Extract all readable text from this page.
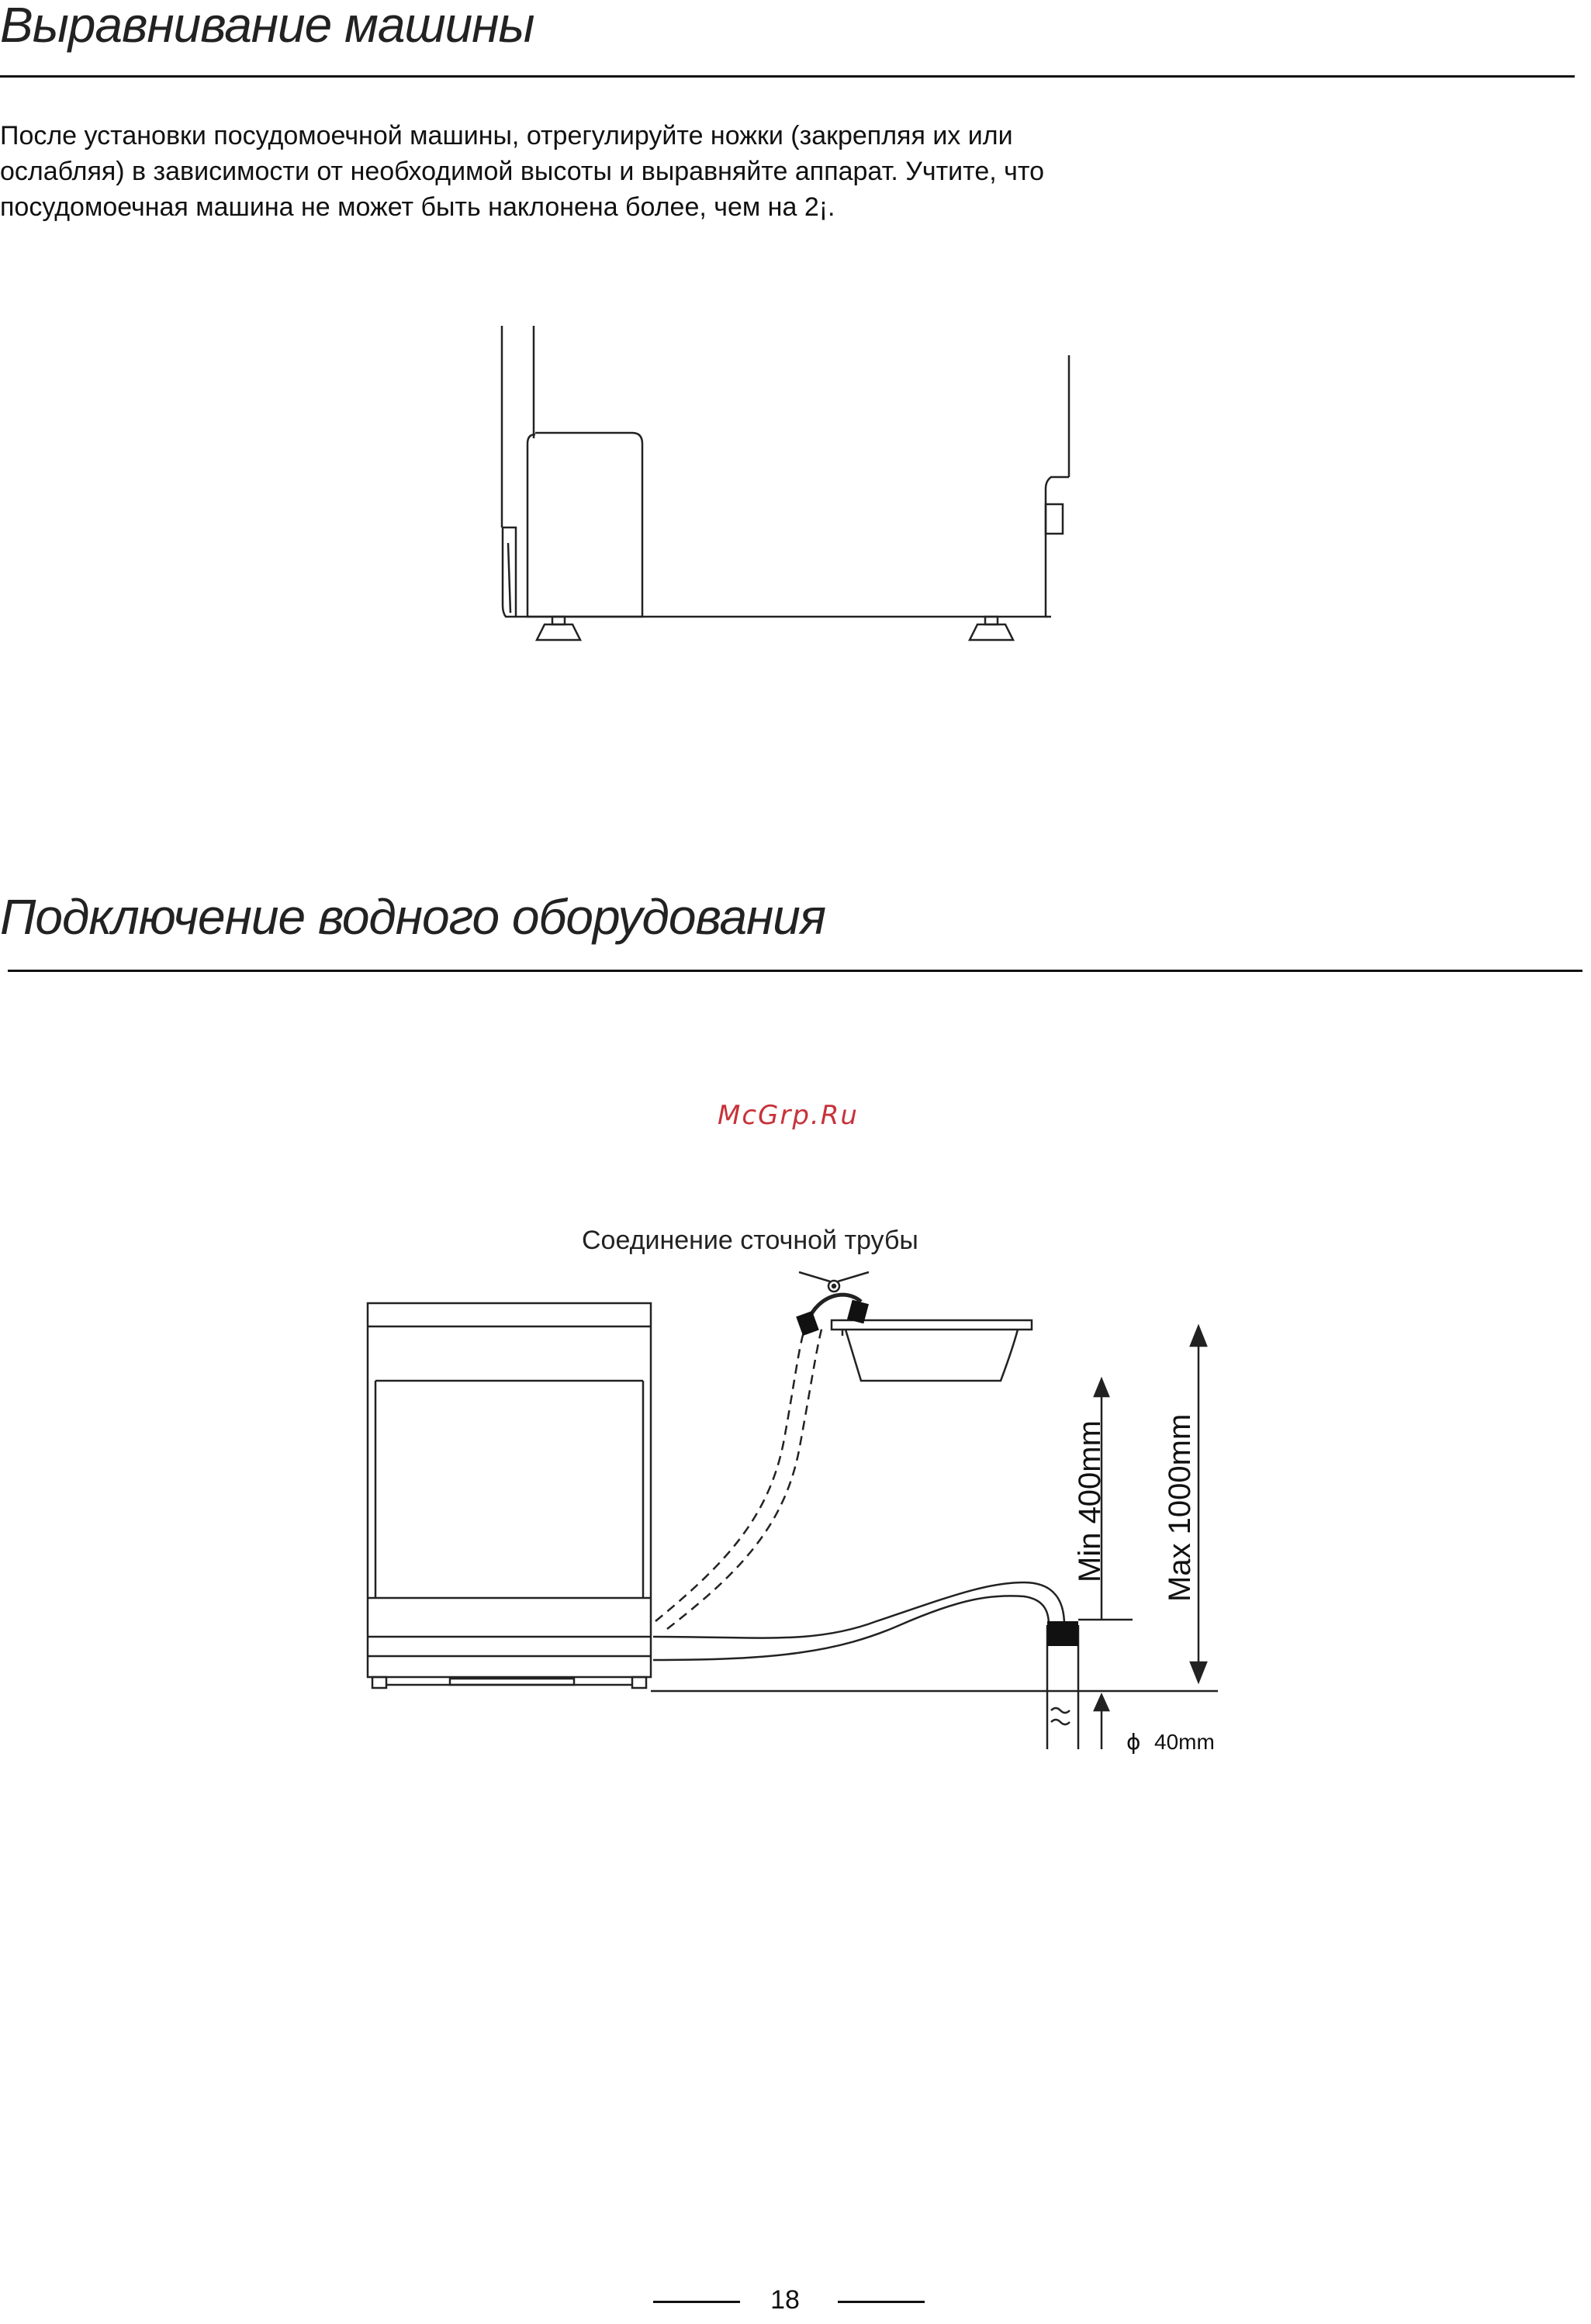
Выравнивание машины

После установки посудомоечной машины, отрегулируйте ножки (закрепляя их или

ослабляя) в зависимости от необходимой высоты и выравняйте аппарат. Учтите, что

посудомоечная машина не может быть наклонена более, чем на 2¡.

Подключение водного оборудования
McGrp.Ru
Соединение сточной трубы
Min 400mm Max 1000mm
ϕ 40mm
18
